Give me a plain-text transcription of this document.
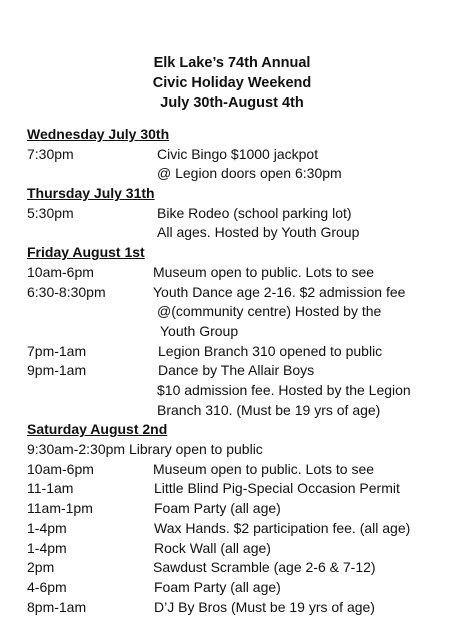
Elk Lake’s 74th Annual
Civic Holiday Weekend
July 30th-August 4th
Wednesday July 30th
7:30pm	Civic Bingo $1000 jackpot
@ Legion doors open 6:30pm
Thursday July 31th
5:30pm	Bike Rodeo (school parking lot)
All ages. Hosted by Youth Group
Friday August 1st
10am-6pm	Museum open to public. Lots to see
6:30-8:30pm	Youth Dance age 2-16. $2 admission fee
@(community centre) Hosted by the
Youth Group
7pm-1am	Legion Branch 310 opened to public
9pm-1am	Dance by The Allair Boys
$10 admission fee. Hosted by the Legion
Branch 310. (Must be 19 yrs of age)
Saturday August 2nd
9:30am-2:30pm Library open to public
10am-6pm	Museum open to public. Lots to see
11-1am	Little Blind Pig-Special Occasion Permit
11am-1pm	Foam Party (all age)
1-4pm	Wax Hands. $2 participation fee. (all age)
1-4pm	Rock Wall (all age)
2pm	Sawdust Scramble (age 2-6 & 7-12)
4-6pm	Foam Party (all age)
8pm-1am	D’J By Bros (Must be 19 yrs of age)
